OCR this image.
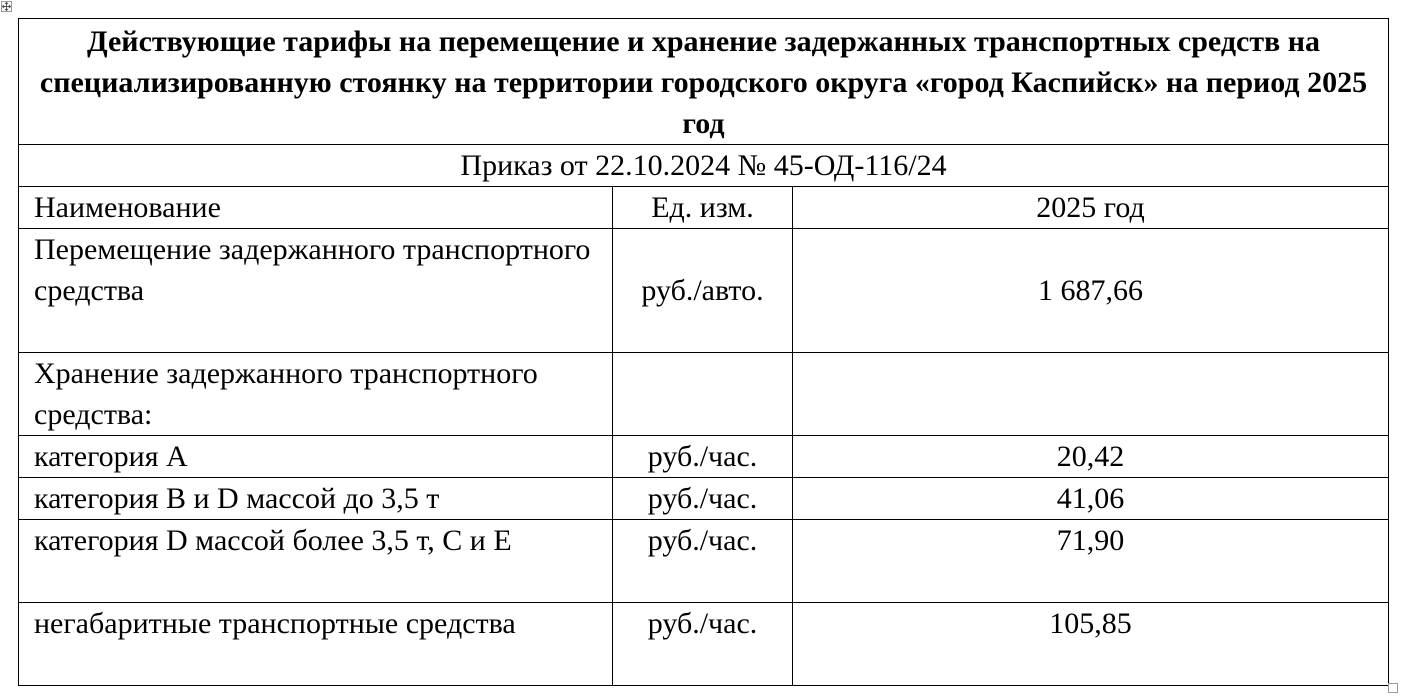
Действующие тарифы на перемещение и хранение задержанных транспортных средств на специализированную стоянку на территории городского округа «город Каспийск» на период 2025 год		
Приказ от 22.10.2024 № 45-ОД-116/24		
Наименование	Ед. изм.	2025 год
Перемещение задержанного транспортного средства	руб./авто.	1 687,66
Хранение задержанного транспортного средства:		
категория А	руб./час.	20,42
категория B и D массой до 3,5 т	руб./час.	41,06
категория D массой более 3,5 т, C и E	руб./час.	71,90
негабаритные транспортные средства	руб./час.	105,85
